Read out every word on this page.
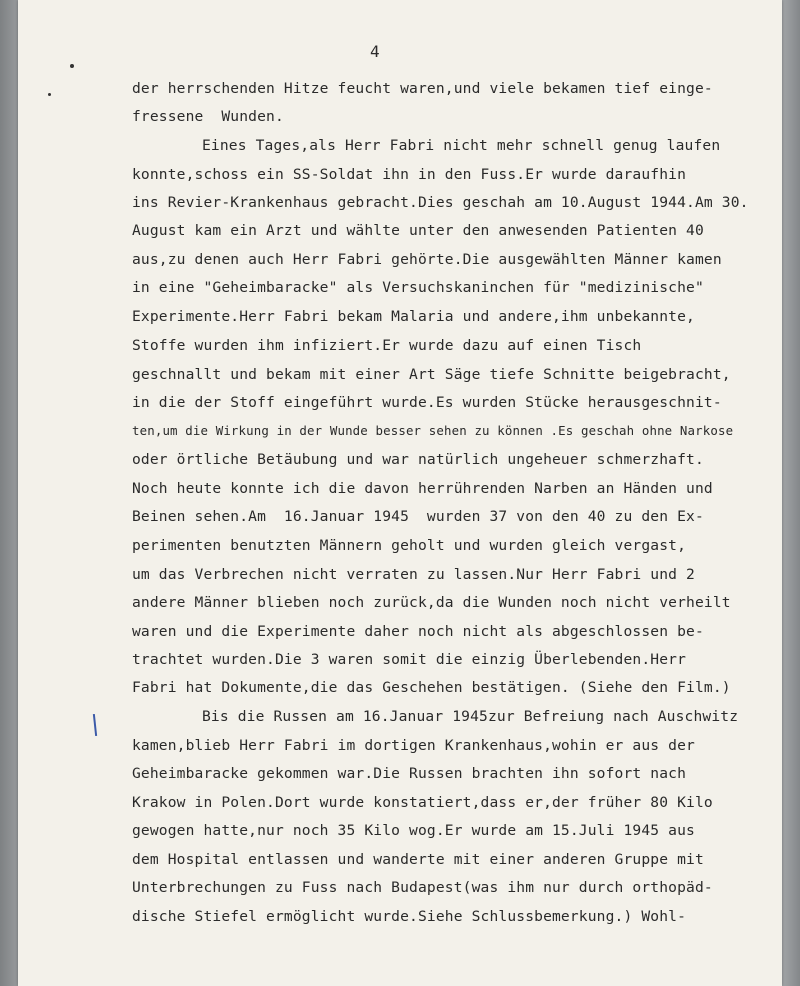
4
der herrschenden Hitze feucht waren,und viele bekamen tief einge-
fressene  Wunden.
Eines Tages,als Herr Fabri nicht mehr schnell genug laufen
konnte,schoss ein SS-Soldat ihn in den Fuss.Er wurde daraufhin
ins Revier-Krankenhaus gebracht.Dies geschah am 10.August 1944.Am 30.
August kam ein Arzt und wählte unter den anwesenden Patienten 40
aus,zu denen auch Herr Fabri gehörte.Die ausgewählten Männer kamen
in eine "Geheimbaracke" als Versuchskaninchen für "medizinische"
Experimente.Herr Fabri bekam Malaria und andere,ihm unbekannte,
Stoffe wurden ihm infiziert.Er wurde dazu auf einen Tisch
geschnallt und bekam mit einer Art Säge tiefe Schnitte beigebracht,
in die der Stoff eingeführt wurde.Es wurden Stücke herausgeschnit-
ten,um die Wirkung in der Wunde besser sehen zu können .Es geschah ohne Narkose
oder örtliche Betäubung und war natürlich ungeheuer schmerzhaft.
Noch heute konnte ich die davon herrührenden Narben an Händen und
Beinen sehen.Am  16.Januar 1945  wurden 37 von den 40 zu den Ex-
perimenten benutzten Männern geholt und wurden gleich vergast,
um das Verbrechen nicht verraten zu lassen.Nur Herr Fabri und 2
andere Männer blieben noch zurück,da die Wunden noch nicht verheilt
waren und die Experimente daher noch nicht als abgeschlossen be-
trachtet wurden.Die 3 waren somit die einzig Überlebenden.Herr
Fabri hat Dokumente,die das Geschehen bestätigen. (Siehe den Film.)
Bis die Russen am 16.Januar 1945zur Befreiung nach Auschwitz
kamen,blieb Herr Fabri im dortigen Krankenhaus,wohin er aus der
Geheimbaracke gekommen war.Die Russen brachten ihn sofort nach
Krakow in Polen.Dort wurde konstatiert,dass er,der früher 80 Kilo
gewogen hatte,nur noch 35 Kilo wog.Er wurde am 15.Juli 1945 aus
dem Hospital entlassen und wanderte mit einer anderen Gruppe mit
Unterbrechungen zu Fuss nach Budapest(was ihm nur durch orthopäd-
dische Stiefel ermöglicht wurde.Siehe Schlussbemerkung.) Wohl-
